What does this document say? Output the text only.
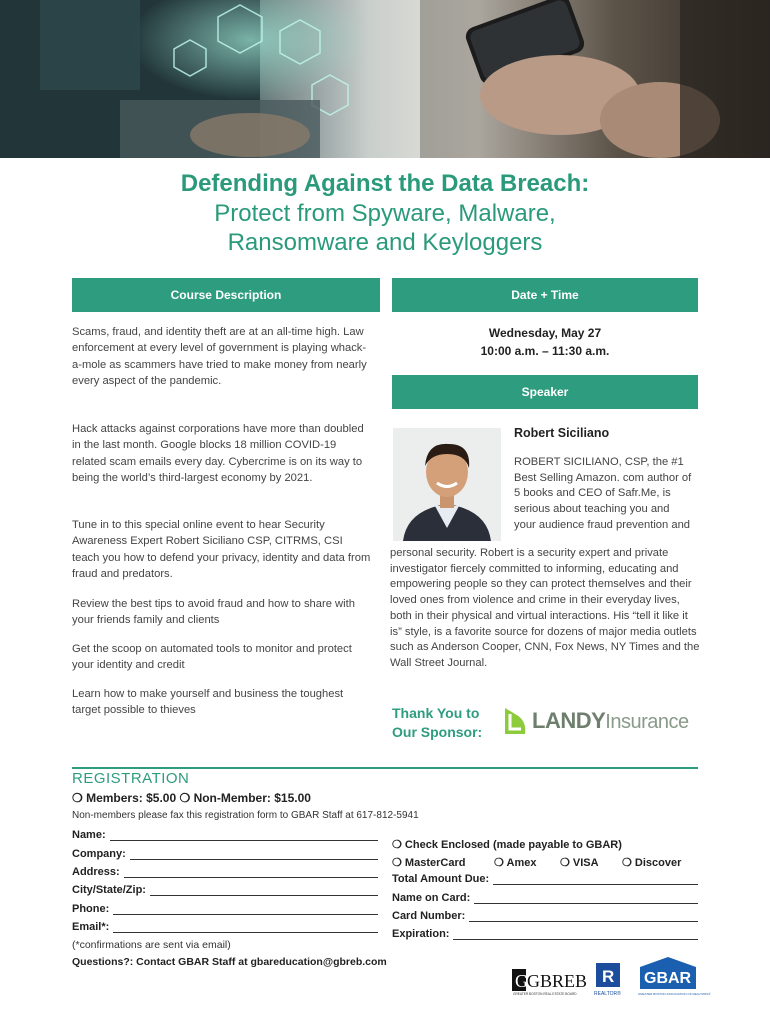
Defending Against the Data Breach:
Protect from Spyware, Malware,
Ransomware and Keyloggers
Course Description	Date + Time
Speaker
Scams, fraud, and identity theft are at an all-time high. Law enforcement at every level of government is playing whack-a-mole as scammers have tried to make money from nearly every aspect of the pandemic.
Hack attacks against corporations have more than doubled in the last month. Google blocks 18 million COVID-19 related scam emails every day. Cybercrime is on its way to being the world’s third-largest economy by 2021.
Tune in to this special online event to hear Security Awareness Expert Robert Siciliano CSP, CITRMS, CSI teach you how to defend your privacy, identity and data from fraud and predators.
Review the best tips to avoid fraud and how to share with your friends family and clients
Get the scoop on automated tools to monitor and protect your identity and credit
Learn how to make yourself and business the toughest target possible to thieves
Wednesday, May 27
10:00 a.m. – 11:30 a.m.
Robert Siciliano
ROBERT SICILIANO, CSP, the #1 Best Selling Amazon. com author of 5 books and CEO of Safr.Me, is serious about teaching you and your audience fraud prevention and
personal security. Robert is a security expert and private investigator fiercely committed to informing, educating and empowering people so they can protect themselves and their loved ones from violence and crime in their everyday lives, both in their physical and virtual interactions. His “tell it like it is” style, is a favorite source for dozens of major media outlets such as Anderson Cooper, CNN, Fox News, NY Times and the Wall Street Journal.
Thank You to
Our Sponsor: LANDYInsurance
REGISTRATION
❍ Members: $5.00 ❍ Non-Member: $15.00
Non-members please fax this registration form to GBAR Staff at 617-812-5941
Name:
Company:
Address:
City/State/Zip:
Phone:
Email*:
(*confirmations are sent via email)
Questions?: Contact GBAR Staff at gbareducation@gbreb.com
❍ Check Enclosed (made payable to GBAR)
❍ MasterCard	❍ Amex ❍ VISA ❍ Discover
Total Amount Due:
Name on Card:
Card Number:
Expiration:
G GBREB
GREATER BOSTON REAL ESTATE BOARD
R
REALTOR®
GBAR
GREATER BOSTON ASSOCIATION OF REALTORS®
